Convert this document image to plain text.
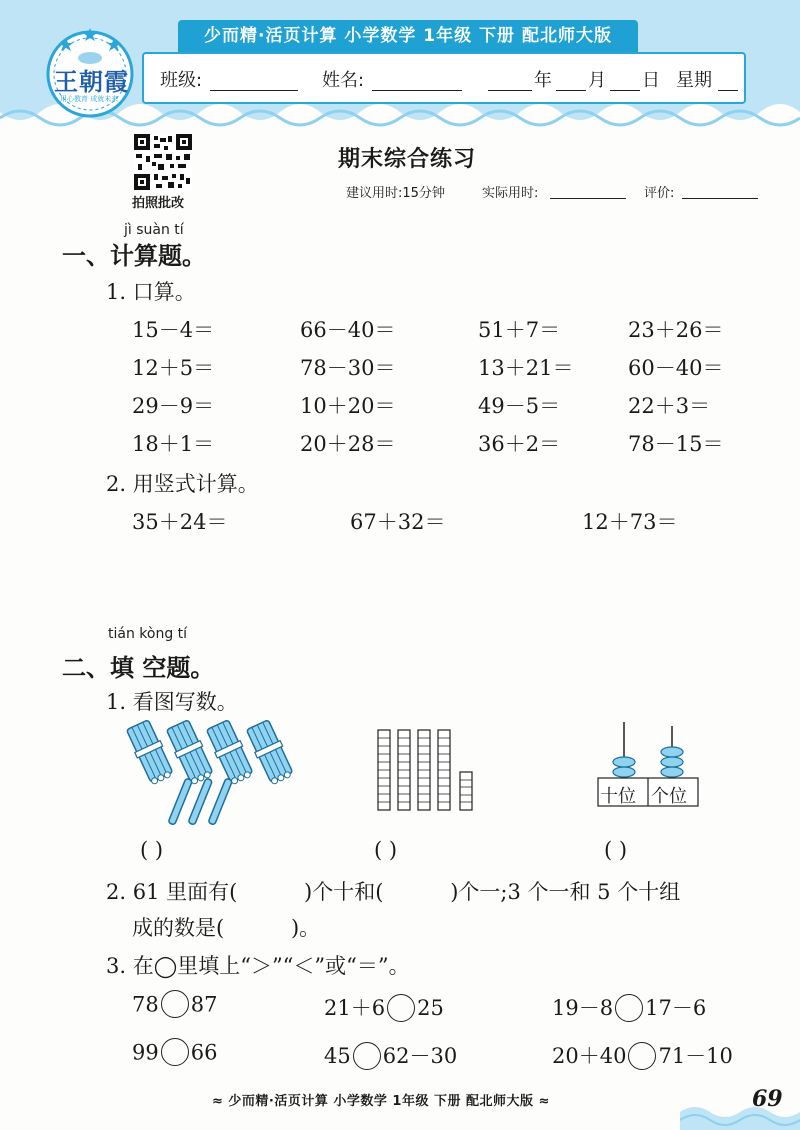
少而精·活页计算 小学数学 1年级 下册 配北师大版
班级:	姓名:	年 月 日 星期
王朝霞
用心教育 成就未来
拍照批改
期末综合练习
建议用时:15分钟	实际用时:	评价:
jì suàn tí
一、计算题。
1. 口算。
15－4＝	66－40＝	51＋7＝	23＋26＝
12＋5＝	78－30＝	13＋21＝	60－40＝
29－9＝	10＋20＝	49－5＝	22＋3＝
18＋1＝	20＋28＝	36＋2＝	78－15＝
2. 用竖式计算。
35＋24＝	67＋32＝	12＋73＝
tián kòng tí
二、填 空题。
1. 看图写数。
十位 个位
( )	( )	( )
2. 61 里面有(          )个十和(          )个一;3 个一和 5 个十组
成的数是(          )。
3. 在◯里填上“＞”“＜”或“＝”。
78 87	21＋6 25	19－8 17－6
99 66	45 62－30	20＋40 71－10
≈ 少而精·活页计算 小学数学 1年级 下册 配北师大版 ≈	69
